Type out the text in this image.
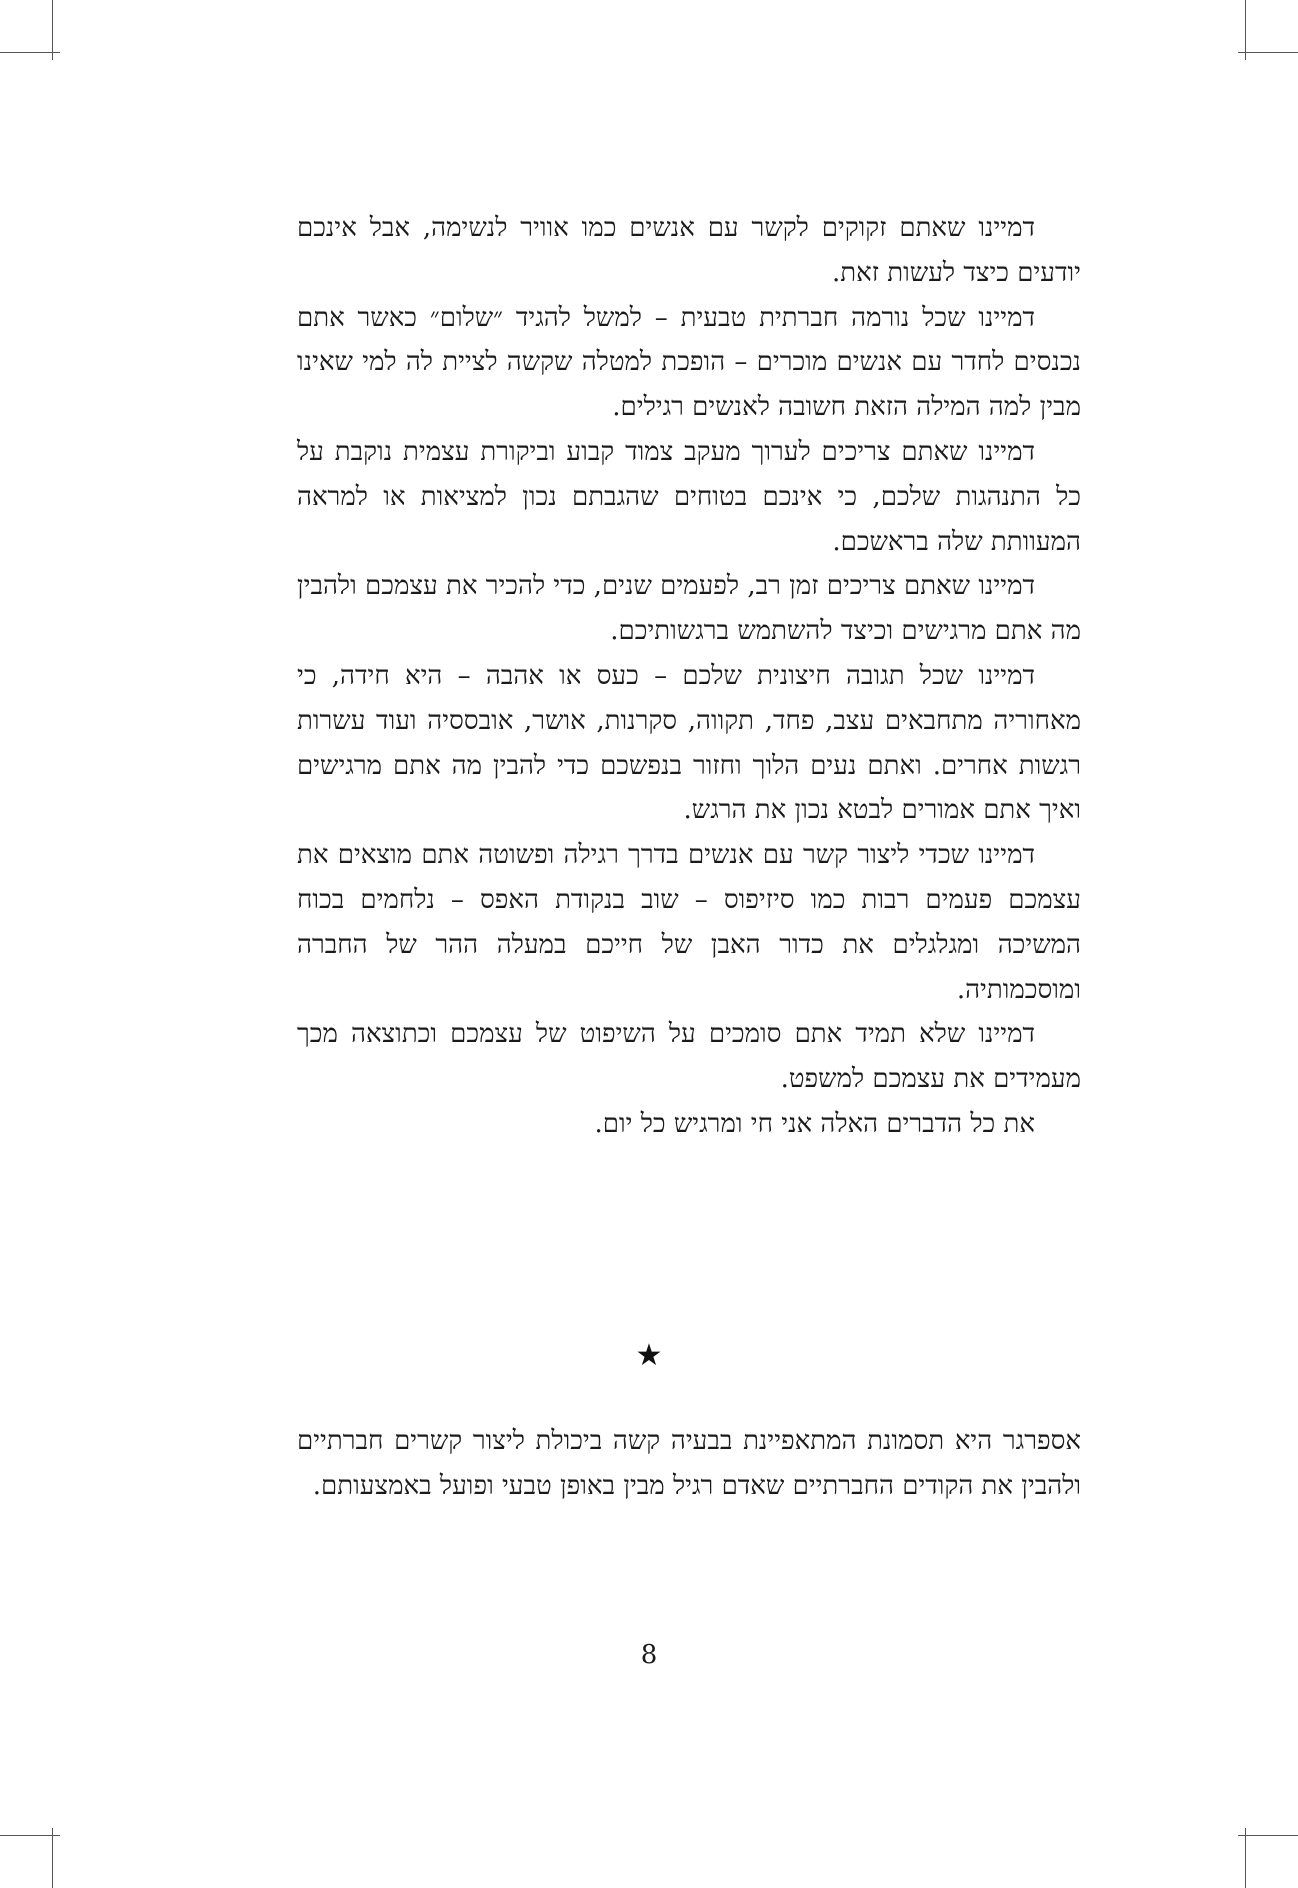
דמיינו שאתם זקוקים לקשר עם אנשים כמו אוויר לנשימה, אבל אינכם יודעים כיצד לעשות זאת.

דמיינו שכל נורמה חברתית טבעית – למשל להגיד ״שלום״ כאשר אתם נכנסים לחדר עם אנשים מוכרים – הופכת למטלה שקשה לציית לה למי שאינו מבין למה המילה הזאת חשובה לאנשים רגילים.

דמיינו שאתם צריכים לערוך מעקב צמוד קבוע וביקורת עצמית נוקבת על כל התנהגות שלכם, כי אינכם בטוחים שהגבתם נכון למציאות או למראה המעוותת שלה בראשכם.

דמיינו שאתם צריכים זמן רב, לפעמים שנים, כדי להכיר את עצמכם ולהבין מה אתם מרגישים וכיצד להשתמש ברגשותיכם.

דמיינו שכל תגובה חיצונית שלכם – כעס או אהבה – היא חידה, כי מאחוריה מתחבאים עצב, פחד, תקווה, סקרנות, אושר, אובססיה ועוד עשרות רגשות אחרים. ואתם נעים הלוך וחזור בנפשכם כדי להבין מה אתם מרגישים ואיך אתם אמורים לבטא נכון את הרגש.

דמיינו שכדי ליצור קשר עם אנשים בדרך רגילה ופשוטה אתם מוצאים את עצמכם פעמים רבות כמו סיזיפוס – שוב בנקודת האפס – נלחמים בכוח המשיכה ומגלגלים את כדור האבן של חייכם במעלה ההר של החברה ומוסכמותיה.

דמיינו שלא תמיד אתם סומכים על השיפוט של עצמכם וכתוצאה מכך מעמידים את עצמכם למשפט.

את כל הדברים האלה אני חי ומרגיש כל יום.

★

אספרגר היא תסמונת המתאפיינת בבעיה קשה ביכולת ליצור קשרים חברתיים ולהבין את הקודים החברתיים שאדם רגיל מבין באופן טבעי ופועל באמצעותם.

8
